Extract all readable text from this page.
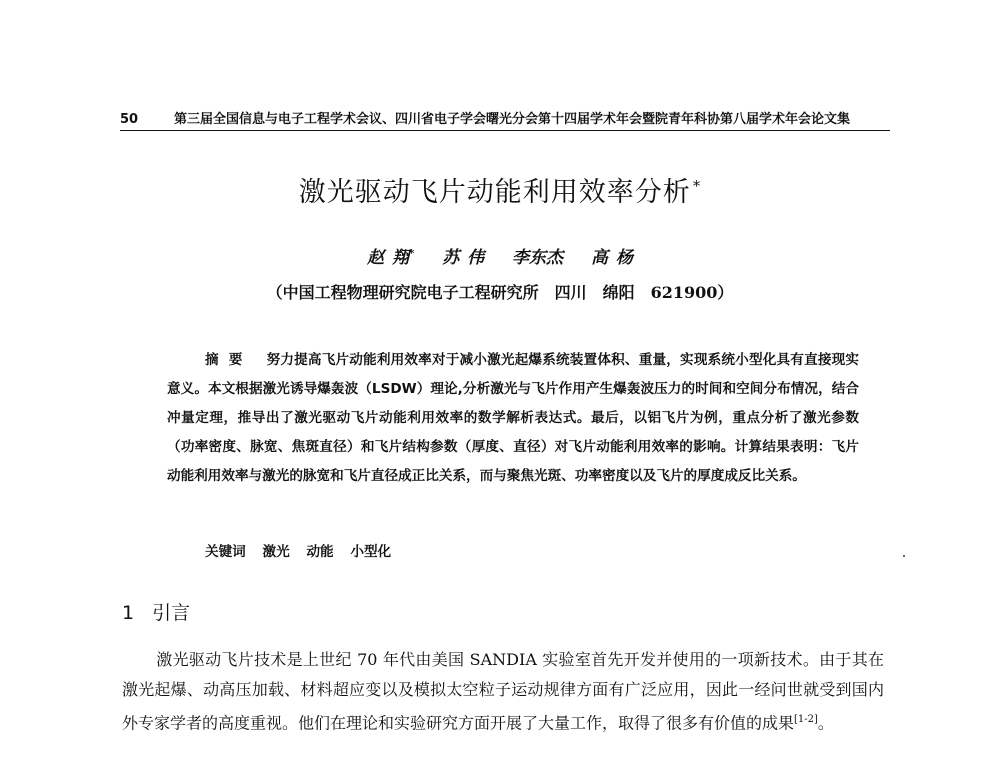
50	第三届全国信息与电子工程学术会议、四川省电子学会曙光分会第十四届学术年会暨院青年科协第八届学术年会论文集
激光驱动飞片动能利用效率分析 *
赵 翔* 苏 伟 李东杰 高 杨
（中国工程物理研究院电子工程研究所　四川　绵阳　621900）
摘要 努力提高飞片动能利用效率对于减小激光起爆系统装置体积、重量，实现系统小型化具有直接现实意义。本文根据激光诱导爆轰波（LSDW）理论,分析激光与飞片作用产生爆轰波压力的时间和空间分布情况，结合冲量定理，推导出了激光驱动飞片动能利用效率的数学解析表达式。最后，以铝飞片为例，重点分析了激光参数（功率密度、脉宽、焦斑直径）和飞片结构参数（厚度、直径）对飞片动能利用效率的影响。计算结果表明：飞片动能利用效率与激光的脉宽和飞片直径成正比关系，而与聚焦光斑、功率密度以及飞片的厚度成反比关系。
关键词 激光 动能 小型化
1 引言
激光驱动飞片技术是上世纪 70 年代由美国 SANDIA 实验室首先开发并使用的一项新技术。由于其在激光起爆、动高压加载、材料超应变以及模拟太空粒子运动规律方面有广泛应用，因此一经问世就受到国内外专家学者的高度重视。他们在理论和实验研究方面开展了大量工作，取得了很多有价值的成果[1-2]。
